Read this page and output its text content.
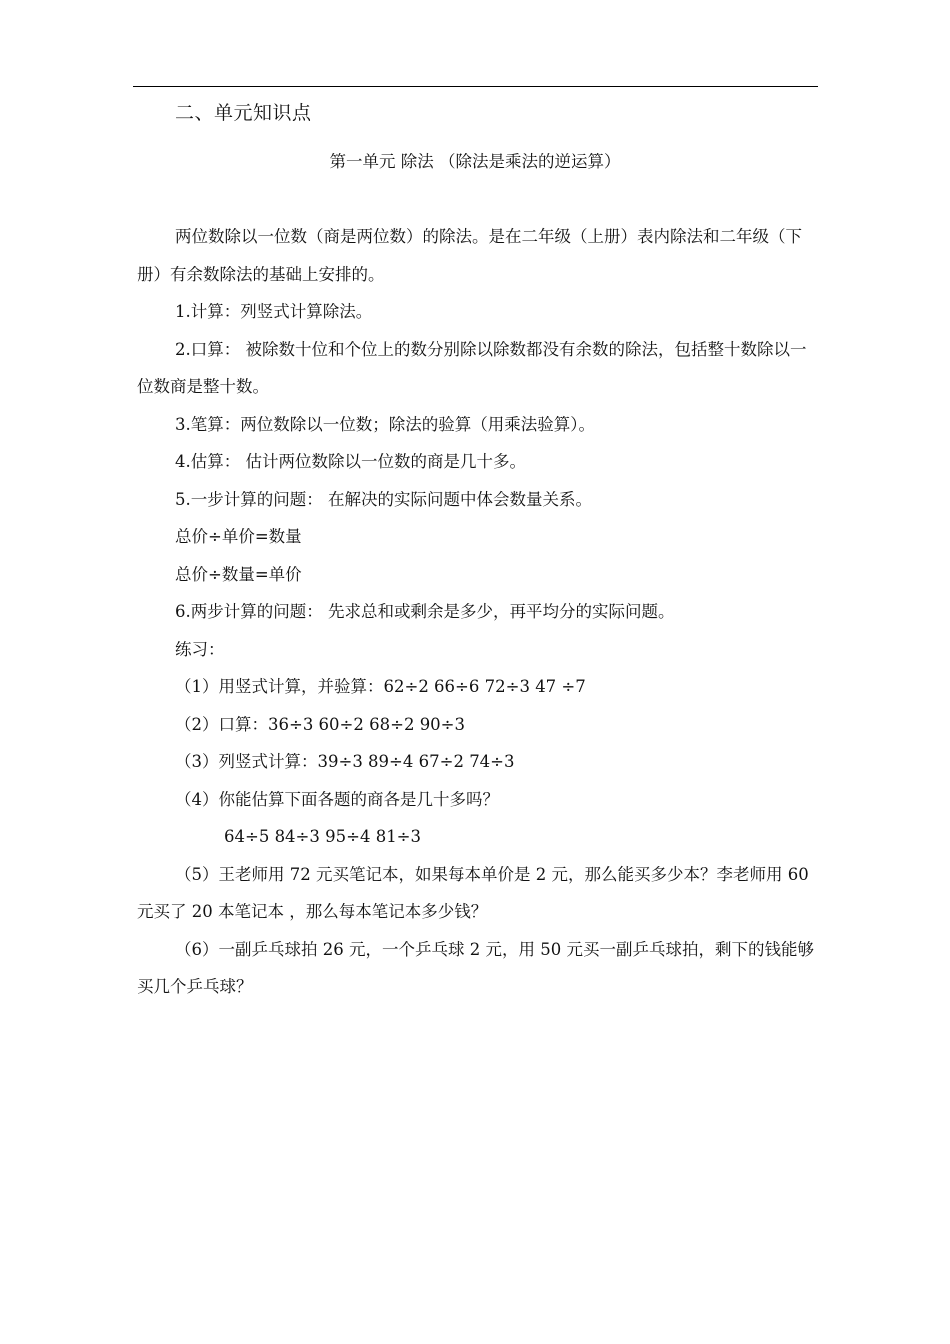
二、单元知识点
第一单元 除法 （除法是乘法的逆运算）

两位数除以一位数（商是两位数）的除法。是在二年级（上册）表内除法和二年级（下册）有余数除法的基础上安排的。

1.计算：列竖式计算除法。

2.口算： 被除数十位和个位上的数分别除以除数都没有余数的除法，包括整十数除以一位数商是整十数。

3.笔算：两位数除以一位数；除法的验算（用乘法验算）。

4.估算： 估计两位数除以一位数的商是几十多。

5.一步计算的问题： 在解决的实际问题中体会数量关系。

总价÷单价=数量

总价÷数量=单价

6.两步计算的问题： 先求总和或剩余是多少，再平均分的实际问题。

练习：

（1）用竖式计算，并验算：62÷2 66÷6 72÷3 47 ÷7

（2）口算：36÷3 60÷2 68÷2 90÷3

（3）列竖式计算：39÷3 89÷4 67÷2 74÷3

（4）你能估算下面各题的商各是几十多吗？

64÷5 84÷3 95÷4 81÷3

（5）王老师用 72 元买笔记本，如果每本单价是 2 元，那么能买多少本？李老师用 60 元买了 20 本笔记本 ，那么每本笔记本多少钱？

（6）一副乒乓球拍 26 元，一个乒乓球 2 元，用 50 元买一副乒乓球拍，剩下的钱能够买几个乒乓球？
